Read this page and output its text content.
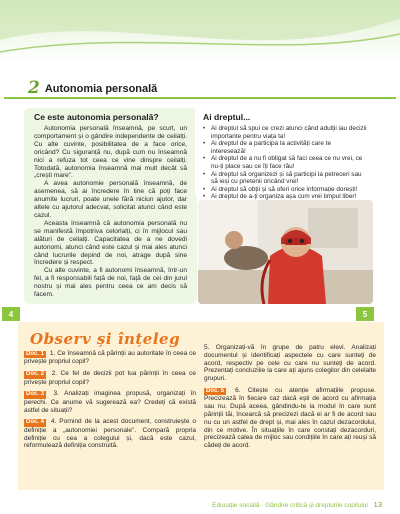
2 Autonomia personală
Ce este autonomia personală?

Autonomia personală înseamnă, pe scurt, un comportament și o gândire independente de ceilalți. Cu alte cuvinte, posibilitatea de a face orice, oricând? Cu siguranță nu, după cum nu înseamnă nici a refuza tot ceea ce vine dinspre ceilalți. Totodată, autonomia înseamnă mai mult decât să „crești mare”.

A avea autonomie personală înseamnă, de asemenea, să ai încredere în tine că poți face anumite lucruri, poate unele fără niciun ajutor, dar altele cu ajutorul adecvat, solicitat atunci când este cazul.

Aceasta înseamnă că autonomia personală nu se manifestă împotriva celorlalți, ci în mijlocul sau alături de ceilalți. Capacitatea de a ne dovedi autonomi, atunci când este cazul și mai ales atunci când lucrurile depind de noi, atrage după sine încredere și respect.

Cu alte cuvinte, a fi autonomi înseamnă, într-un fel, a fi responsabili față de noi, față de cei din jurul nostru și mai ales pentru ceea ce am decis să facem.

Ai dreptul...
• Ai dreptul să spui ce crezi atunci când adulții iau decizii importante pentru viața ta!
• Ai dreptul de a participa la activități care te interesează!
• Ai dreptul de a nu fi obligat să faci ceea ce nu vrei, ce nu-ți place sau ce îți face rău!
• Ai dreptul să organizezi și să participi la petreceri sau să ieși cu prietenii oricând vrei!
• Ai dreptul să obții și să oferi orice informație dorești!
• Ai dreptul de a-ți organiza așa cum vrei timpul liber!
•
4	5
Observ și înțeleg
Doc. 1 1. Ce înseamnă că părinții au autoritate în ceea ce privește propriul copil?
Doc. 2 2. Ce fel de decizii pot lua părinții în ceea ce privește propriul copil?
Doc. 3 3. Analizați imaginea propusă, organizați în perechi. Ce anume vă sugerează ea? Credeți că există astfel de situații?
Doc. 4 4. Pornind de la acest document, construiește o definiție a „autonomiei personale”. Compară propria definiție cu cea a colegului și, dacă este cazul, reformulează definiția construită.
5. Organizați-vă în grupe de patru elevi. Analizați documentul și identificați aspectele cu care sunteți de acord, respectiv pe cele cu care nu sunteți de acord. Prezentați concluziile la care ați ajuns colegilor din celelalte grupuri.
Doc. 5 6. Citește cu atenție afirmațiile propuse. Precizează în fiecare caz dacă ești de acord cu afirmația sau nu. După aceea, gândindu-te la modul în care sunt părinții tăi, încearcă să precizezi dacă ei ar fi de acord sau nu cu un astfel de drept și, mai ales în cazul dezacordului, din ce motive. În situațiile în care constați dezacorduri, precizează calea de mijloc sau condițiile în care ați reuși să cădeți de acord.
Educație socială · Gândire critică și drepturile copilului 13
